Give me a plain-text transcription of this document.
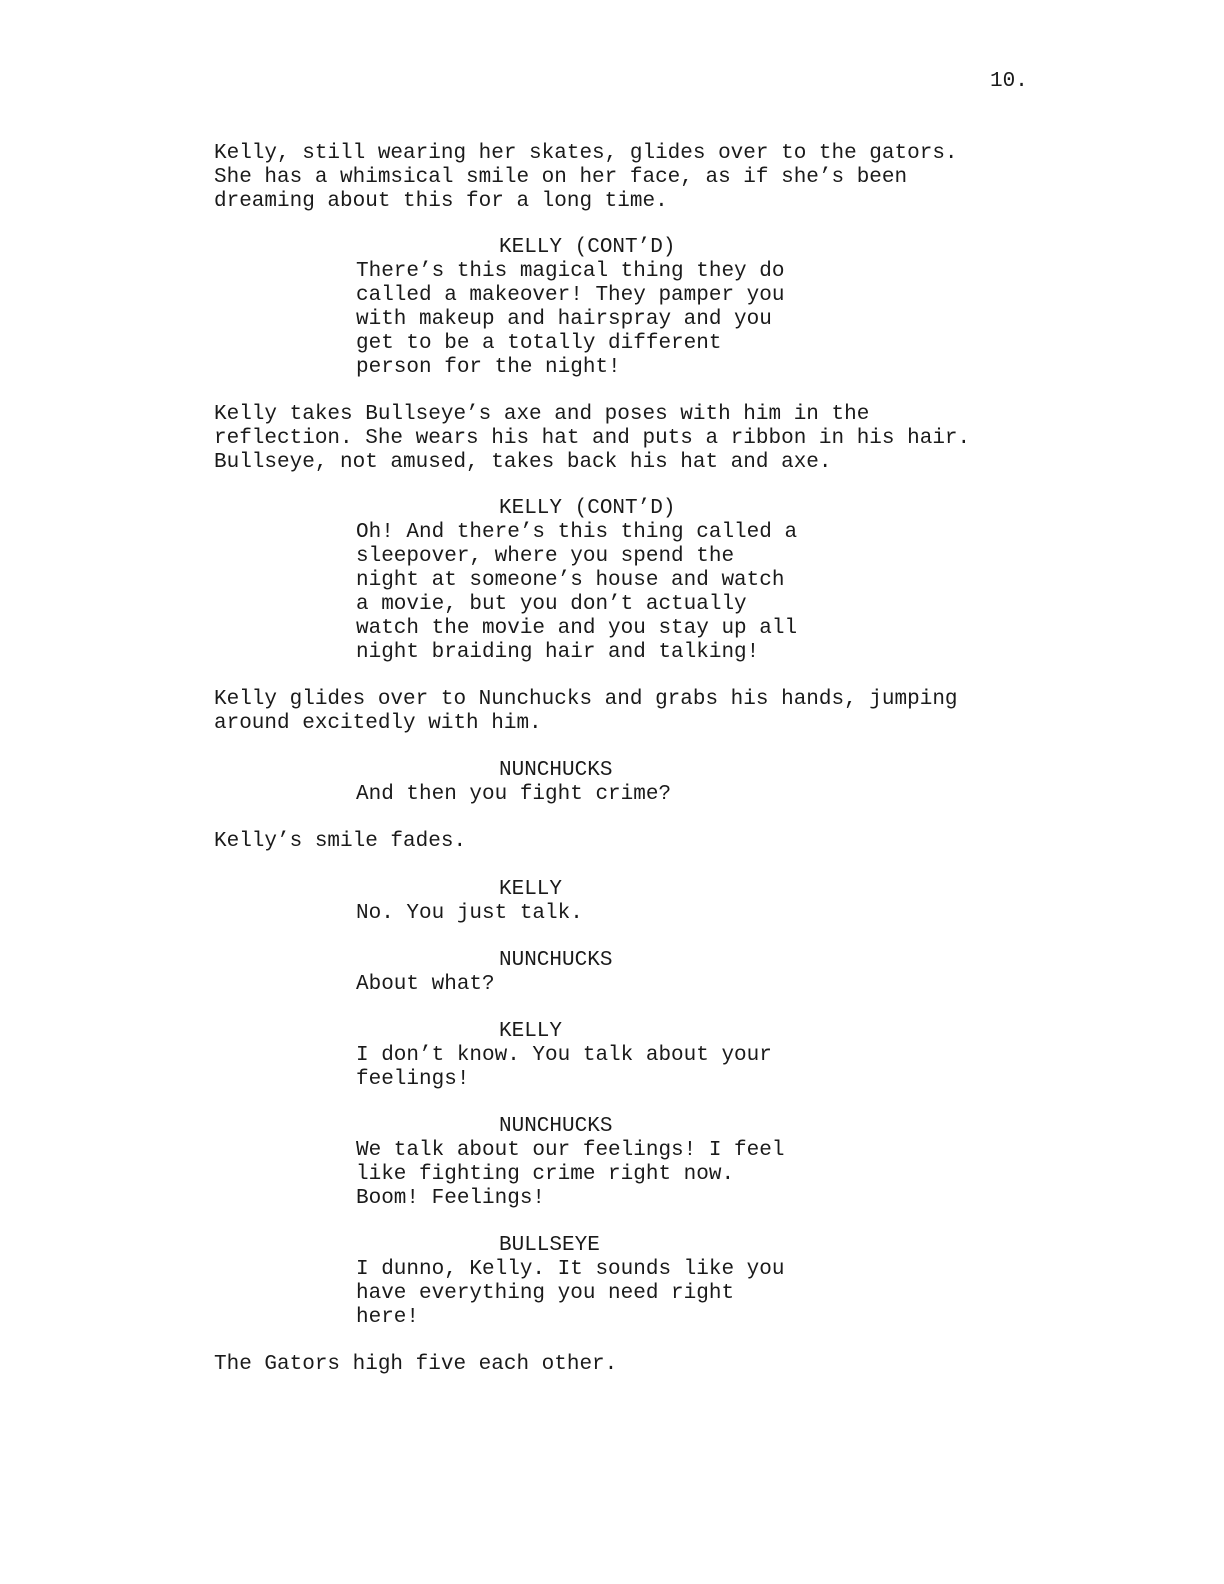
10.
Kelly, still wearing her skates, glides over to the gators.
She has a whimsical smile on her face, as if she’s been
dreaming about this for a long time.
KELLY (CONT’D)
There’s this magical thing they do
called a makeover! They pamper you
with makeup and hairspray and you
get to be a totally different
person for the night!
Kelly takes Bullseye’s axe and poses with him in the
reflection. She wears his hat and puts a ribbon in his hair.
Bullseye, not amused, takes back his hat and axe.
KELLY (CONT’D)
Oh! And there’s this thing called a
sleepover, where you spend the
night at someone’s house and watch
a movie, but you don’t actually
watch the movie and you stay up all
night braiding hair and talking!
Kelly glides over to Nunchucks and grabs his hands, jumping
around excitedly with him.
NUNCHUCKS
And then you fight crime?
Kelly’s smile fades.
KELLY
No. You just talk.
NUNCHUCKS
About what?
KELLY
I don’t know. You talk about your
feelings!
NUNCHUCKS
We talk about our feelings! I feel
like fighting crime right now.
Boom! Feelings!
BULLSEYE
I dunno, Kelly. It sounds like you
have everything you need right
here!
The Gators high five each other.
